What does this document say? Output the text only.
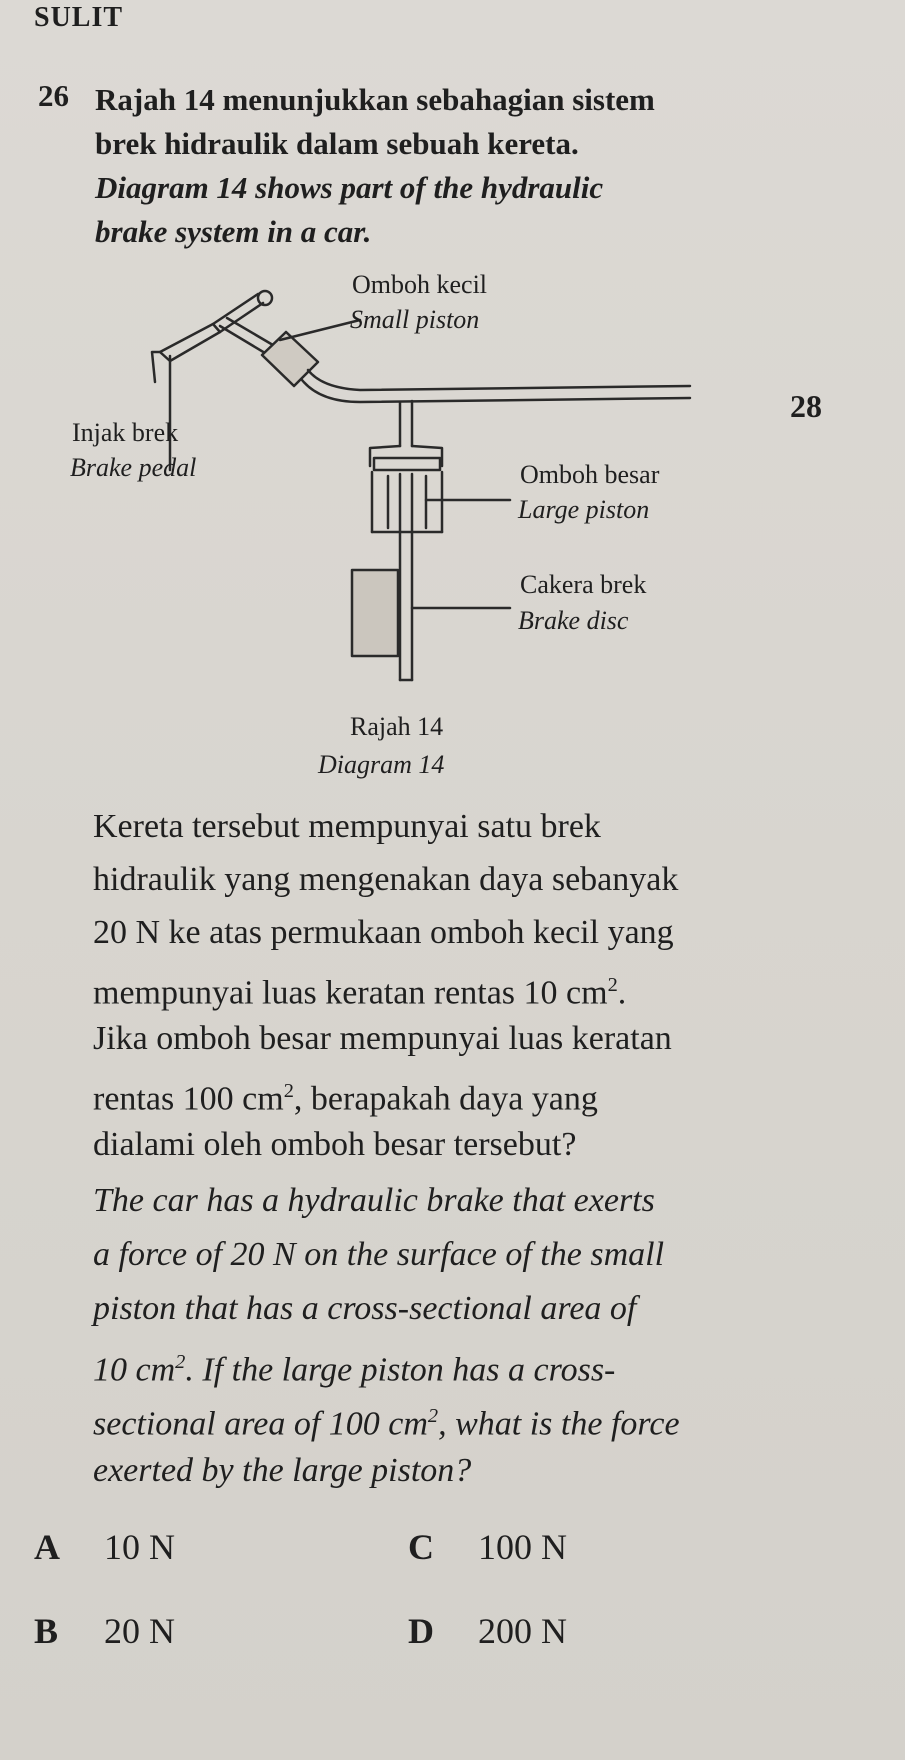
SULIT
26 Rajah 14 menunjukkan sebahagian sistem
brek hidraulik dalam sebuah kereta.
Diagram 14 shows part of the hydraulic
brake system in a car.
28
Omboh kecil
Small piston
Injak brek
Brake pedal	Omboh besar
Large piston
Cakera brek
Brake disc
Rajah 14
Diagram 14
Kereta tersebut mempunyai satu brek
hidraulik yang mengenakan daya sebanyak
20 N ke atas permukaan omboh kecil yang
mempunyai luas keratan rentas 10 $cm^2$.
Jika omboh besar mempunyai luas keratan
rentas 100 $cm^2$, berapakah daya yang
dialami oleh omboh besar tersebut?
The car has a hydraulic brake that exerts
a force of 20 N on the surface of the small
piston that has a cross-sectional area of
10 $cm^2$. If the large piston has a cross-
sectional area of 100 $cm^2$, what is the force
exerted by the large piston?
A 10 N
B 20 N
C 100 N
D 200 N
